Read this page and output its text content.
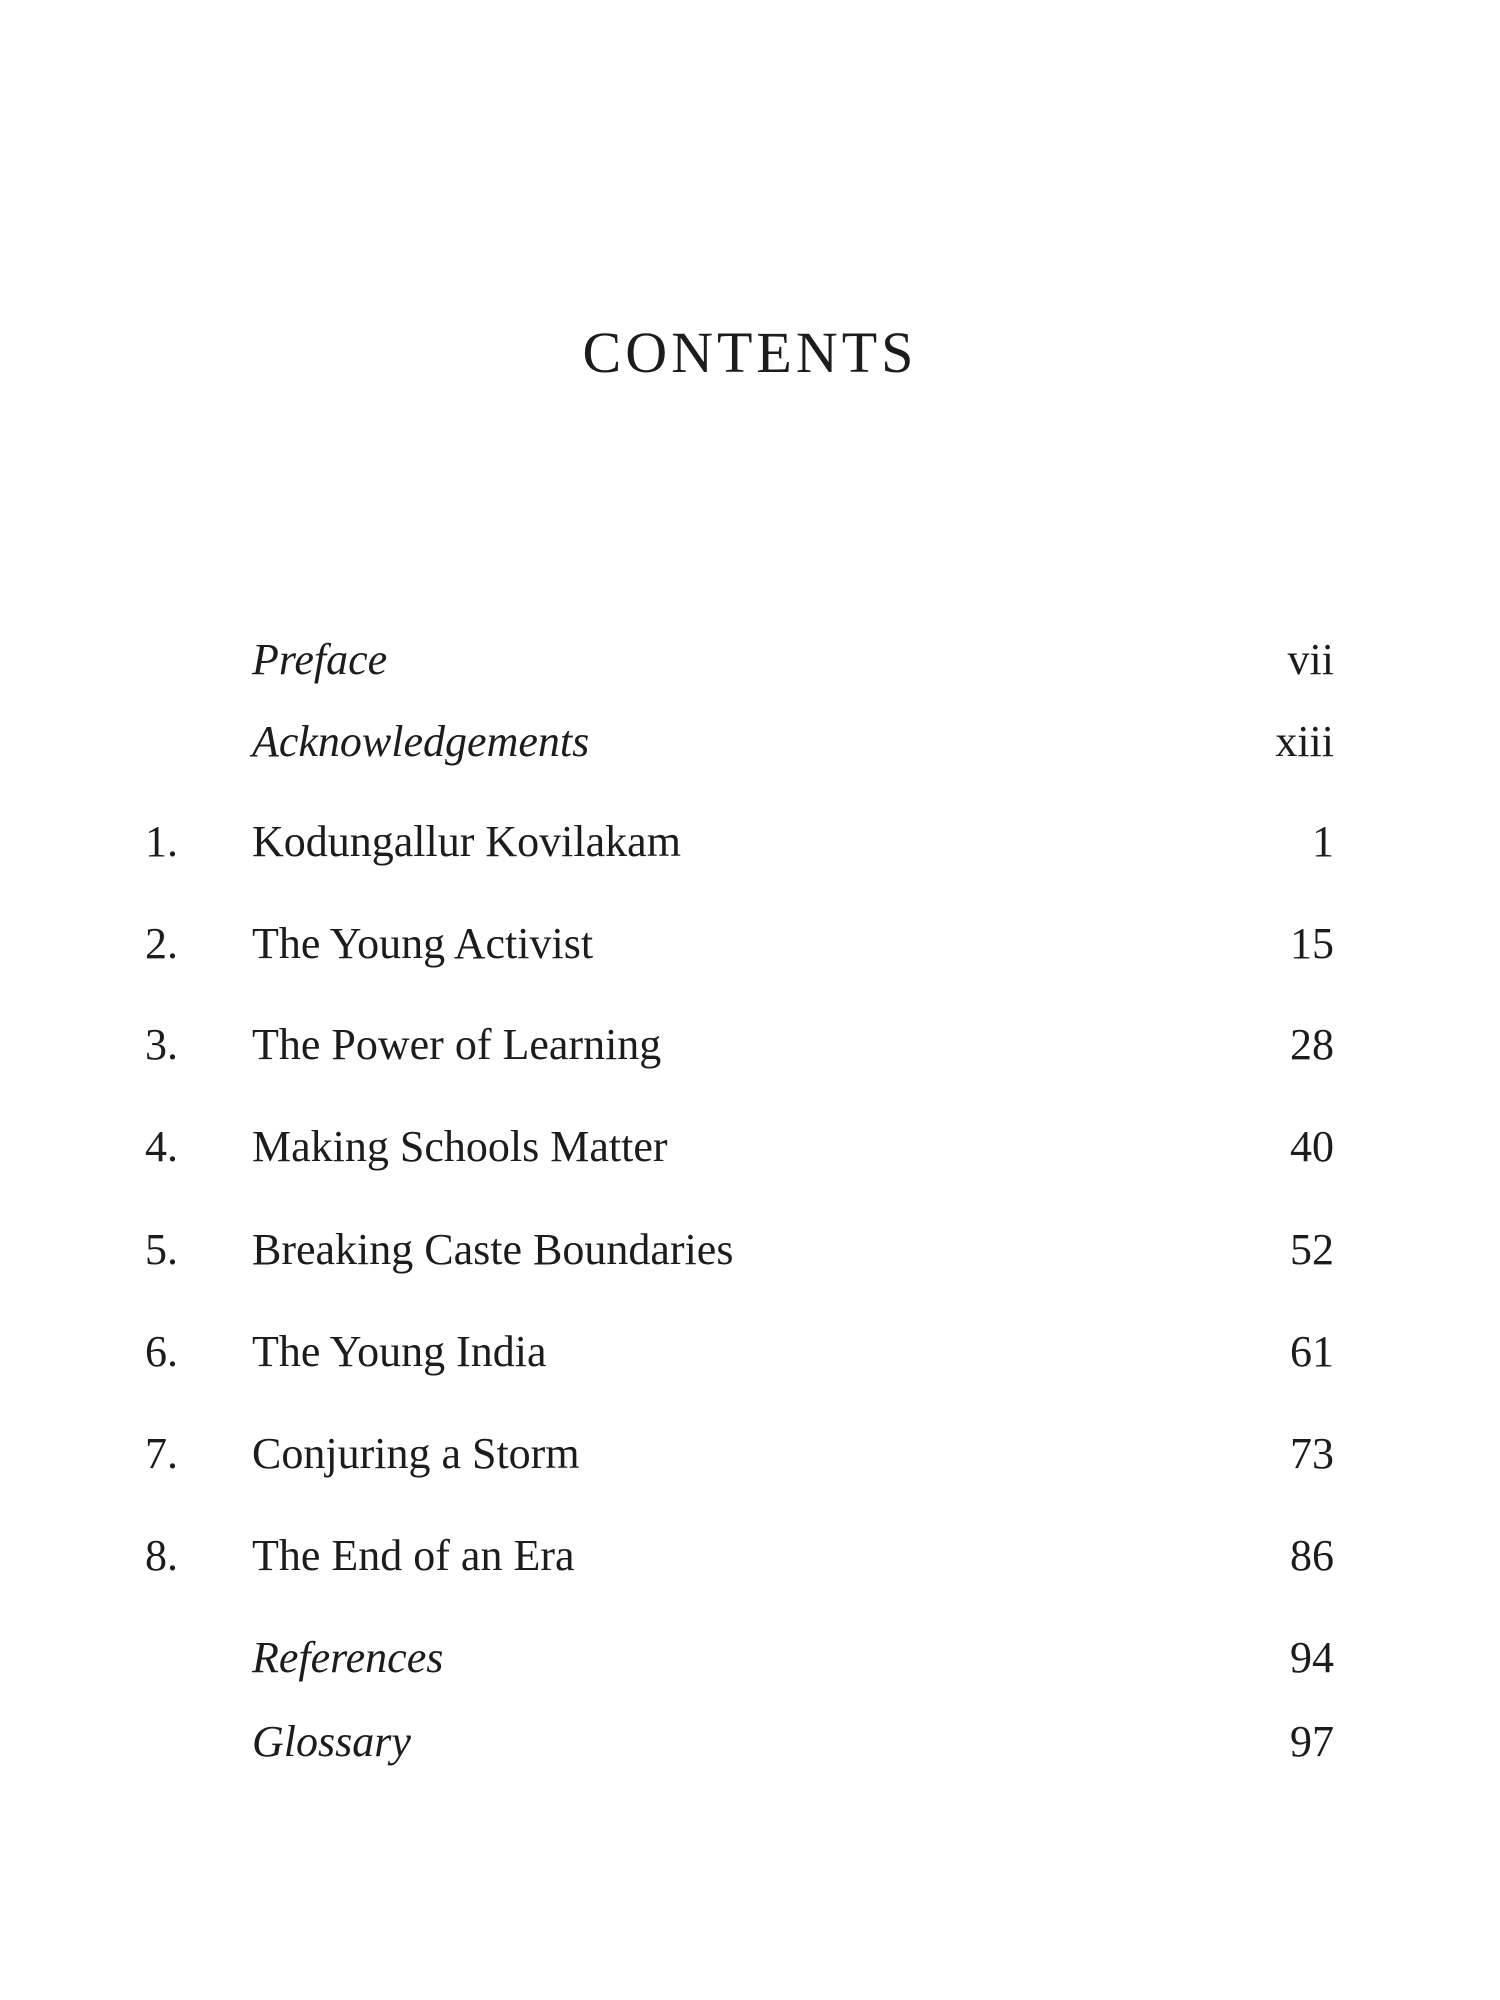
CONTENTS
Preface	vii
Acknowledgements	xiii
1.	Kodungallur Kovilakam	1
2.	The Young Activist	15
3.	The Power of Learning	28
4.	Making Schools Matter	40
5.	Breaking Caste Boundaries	52
6.	The Young India	61
7.	Conjuring a Storm	73
8.	The End of an Era	86
References	94
Glossary	97
